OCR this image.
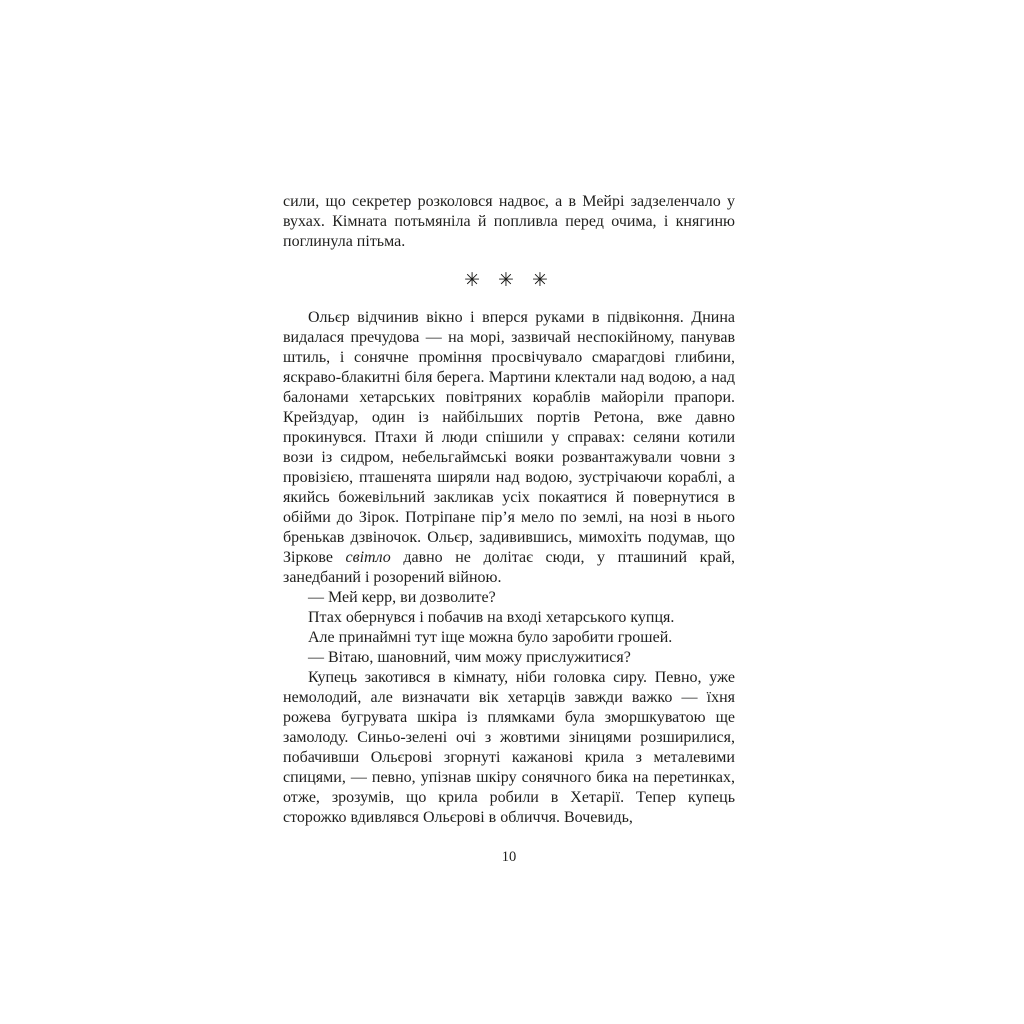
сили, що секретер розколовся надвоє, а в Мейрі задзеленчало у вухах. Кімната потьмяніла й попливла перед очима, і княгиню поглинула пітьма.

✳ ✳ ✳

Ольєр відчинив вікно і вперся руками в підвіконня. Днина видалася пречудова — на морі, зазвичай неспокійному, панував штиль, і сонячне проміння просвічувало смарагдові глибини, яскраво-блакитні біля берега. Мартини клектали над водою, а над балонами хетарських повітряних кораблів майоріли прапори. Крейздуар, один із найбільших портів Ретона, вже давно прокинувся. Птахи й люди спішили у справах: селяни котили вози із сидром, небельгаймські вояки розвантажували човни з провізією, пташенята ширяли над водою, зустрічаючи кораблі, а якийсь божевільний закликав усіх покаятися й повернутися в обійми до Зірок. Потріпане пір’я мело по землі, на нозі в нього бренькав дзвіночок. Ольєр, задивившись, мимохіть подумав, що Зіркове світло давно не долітає сюди, у пташиний край, занедбаний і розорений війною.

— Мей керр, ви дозволите?

Птах обернувся і побачив на вході хетарського купця.

Але принаймні тут іще можна було заробити грошей.

— Вітаю, шановний, чим можу прислужитися?

Купець закотився в кімнату, ніби головка сиру. Певно, уже немолодий, але визначати вік хетарців завжди важко — їхня рожева бугрувата шкіра із плямками була зморшкуватою ще замолоду. Синьо-зелені очі з жовтими зіницями розширилися, побачивши Ольєрові згорнуті кажанові крила з металевими спицями, — певно, упізнав шкіру сонячного бика на перетинках, отже, зрозумів, що крила робили в Хетарії. Тепер купець сторожко вдивлявся Ольєрові в обличчя. Вочевидь,

10
